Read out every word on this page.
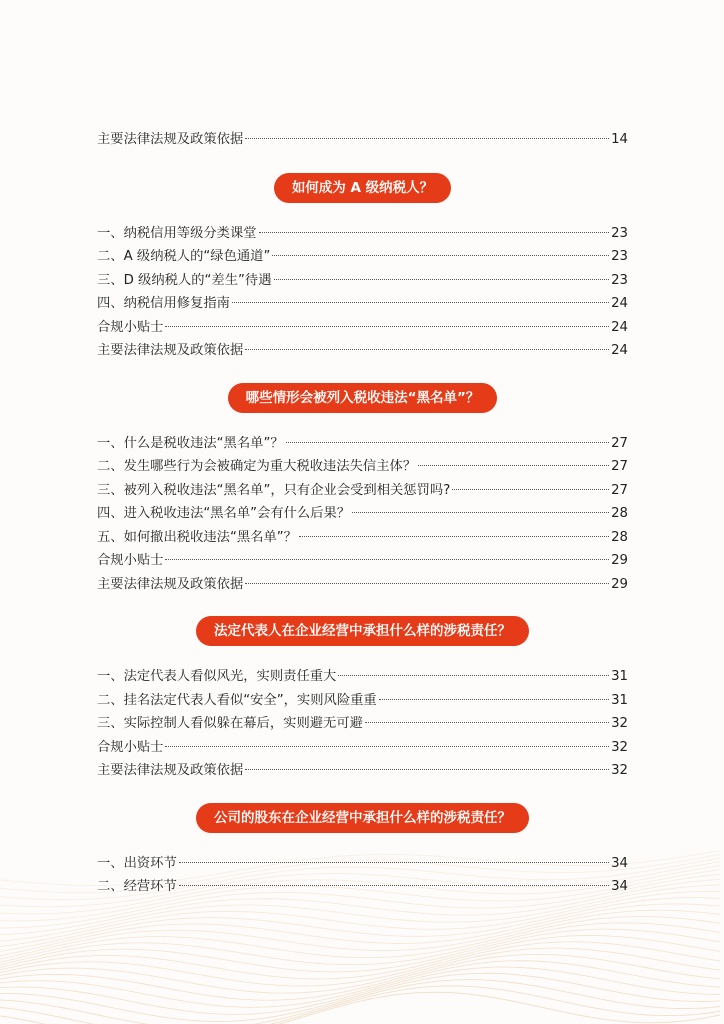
主要法律法规及政策依据	14
如何成为 A 级纳税人？
一、纳税信用等级分类课堂	23
二、A 级纳税人的“绿色通道”	23
三、D 级纳税人的“差生”待遇	23
四、纳税信用修复指南	24
合规小贴士	24
主要法律法规及政策依据	24
哪些情形会被列入税收违法“黑名单”？
一、什么是税收违法“黑名单”？	27
二、发生哪些行为会被确定为重大税收违法失信主体？	27
三、被列入税收违法“黑名单”，只有企业会受到相关惩罚吗?	27
四、进入税收违法“黑名单”会有什么后果？	28
五、如何撤出税收违法“黑名单”？	28
合规小贴士	29
主要法律法规及政策依据	29
法定代表人在企业经营中承担什么样的涉税责任？
一、法定代表人看似风光，实则责任重大	31
二、挂名法定代表人看似“安全”，实则风险重重	31
三、实际控制人看似躲在幕后，实则避无可避	32
合规小贴士	32
主要法律法规及政策依据	32
公司的股东在企业经营中承担什么样的涉税责任？
一、出资环节	34
二、经营环节	34
